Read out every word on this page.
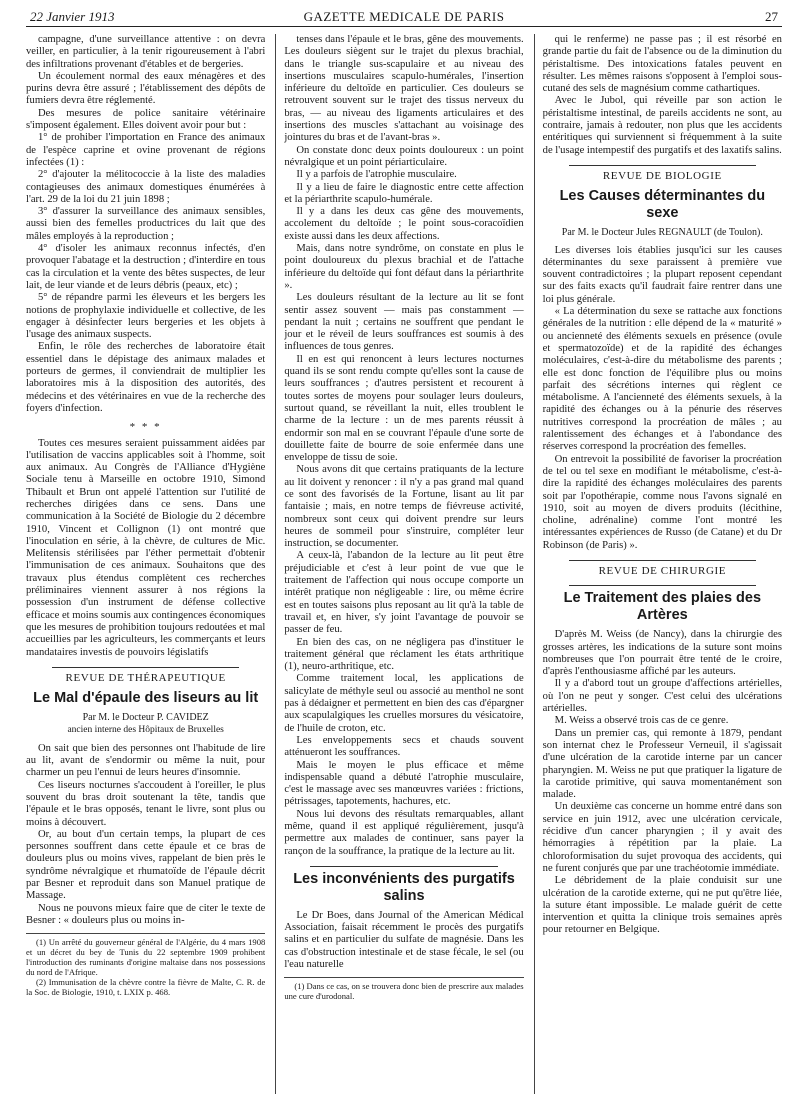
22 Janvier 1913	GAZETTE MEDICALE DE PARIS	27

campagne, d'une surveillance attentive : on devra veiller, en particulier, à la tenir rigoureusement à l'abri des infiltrations provenant d'étables et de bergeries.

Un écoulement normal des eaux ménagères et des purins devra être assuré ; l'établissement des dépôts de fumiers devra être réglementé.

Des mesures de police sanitaire vétérinaire s'imposent également. Elles doivent avoir pour but :

1° de prohiber l'importation en France des animaux de l'espèce caprine et ovine provenant de régions infectées (1) :

2° d'ajouter la mélitococcie à la liste des maladies contagieuses des animaux domestiques énumérées à l'art. 29 de la loi du 21 juin 1898 ;

3° d'assurer la surveillance des animaux sensibles, aussi bien des femelles productrices du lait que des mâles employés à la reproduction ;

4° d'isoler les animaux reconnus infectés, d'en provoquer l'abatage et la destruction ; d'interdire en tous cas la circulation et la vente des bêtes suspectes, de leur lait, de leur viande et de leurs débris (peaux, etc) ;

5° de répandre parmi les éleveurs et les bergers les notions de prophylaxie individuelle et collective, de les engager à désinfecter leurs bergeries et les objets à l'usage des animaux suspects.

Enfin, le rôle des recherches de laboratoire était essentiel dans le dépistage des animaux malades et porteurs de germes, il conviendrait de multiplier les laboratoires mis à la disposition des autorités, des médecins et des vétérinaires en vue de la recherche des foyers d'infection.

* * *

Toutes ces mesures seraient puissamment aidées par l'utilisation de vaccins applicables soit à l'homme, soit aux animaux. Au Congrès de l'Alliance d'Hygiène Sociale tenu à Marseille en octobre 1910, Simond Thibault et Brun ont appelé l'attention sur l'utilité de recherches dirigées dans ce sens. Dans une communication à la Société de Biologie du 2 décembre 1910, Vincent et Collignon (1) ont montré que l'inoculation en série, à la chèvre, de cultures de Mic. Melitensis stérilisées par l'éther permettait d'obtenir l'immunisation de ces animaux. Souhaitons que des travaux plus étendus complètent ces recherches préliminaires viennent assurer à nos régions la possession d'un instrument de défense collective efficace et moins soumis aux contingences économiques que les mesures de prohibition toujours redoutées et mal accueillies par les agriculteurs, les commerçants et leurs mandataires investis de pouvoirs législatifs

REVUE DE THÉRAPEUTIQUE
Le Mal d'épaule des liseurs au lit
Par M. le Docteur P. CAVIDEZ
ancien interne des Hôpitaux de Bruxelles

On sait que bien des personnes ont l'habitude de lire au lit, avant de s'endormir ou même la nuit, pour charmer un peu l'ennui de leurs heures d'insomnie.

Ces liseurs nocturnes s'accoudent à l'oreiller, le plus souvent du bras droit soutenant la tête, tandis que l'épaule et le bras opposés, tenant le livre, sont plus ou moins à découvert.

Or, au bout d'un certain temps, la plupart de ces personnes souffrent dans cette épaule et ce bras de douleurs plus ou moins vives, rappelant de bien près le syndrôme névralgique et rhumatoïde de l'épaule décrit par Besner et reproduit dans son Manuel pratique de Massage.

Nous ne pouvons mieux faire que de citer le texte de Besner : « douleurs plus ou moins in-

(1) Un arrêté du gouverneur général de l'Algérie, du 4 mars 1908 et un décret du bey de Tunis du 22 septembre 1909 prohibent l'introduction des ruminants d'origine maltaise dans nos possessions du nord de l'Afrique.

(2) Immunisation de la chèvre contre la fièvre de Malte, C. R. de la Soc. de Biologie, 1910, t. LXIX p. 468.

tenses dans l'épaule et le bras, gêne des mouvements. Les douleurs siègent sur le trajet du plexus brachial, dans le triangle sus-scapulaire et au niveau des insertions musculaires scapulo-humérales, l'insertion inférieure du deltoïde en particulier. Ces douleurs se retrouvent souvent sur le trajet des tissus nerveux du bras, — au niveau des ligaments articulaires et des insertions des muscles s'attachant au voisinage des jointures du bras et de l'avant-bras ».

On constate donc deux points douloureux : un point névralgique et un point périarticulaire.

Il y a parfois de l'atrophie musculaire.

Il y a lieu de faire le diagnostic entre cette affection et la périarthrite scapulo-humérale.

Il y a dans les deux cas gêne des mouvements, accolement du deltoïde ; le point sous-coracoïdien existe aussi dans les deux affections.

Mais, dans notre syndrôme, on constate en plus le point douloureux du plexus brachial et de l'attache inférieure du deltoïde qui font défaut dans la périarthrite ».

Les douleurs résultant de la lecture au lit se font sentir assez souvent — mais pas constamment — pendant la nuit ; certains ne souffrent que pendant le jour et le réveil de leurs souffrances est soumis à des influences de tous genres.

Il en est qui renoncent à leurs lectures nocturnes quand ils se sont rendu compte qu'elles sont la cause de leurs souffrances ; d'autres persistent et recourent à toutes sortes de moyens pour soulager leurs douleurs, surtout quand, se réveillant la nuit, elles troublent le charme de la lecture : un de mes parents réussit à endormir son mal en se couvrant l'épaule d'une sorte de douillette faite de bourre de soie enfermée dans une enveloppe de tissu de soie.

Nous avons dit que certains pratiquants de la lecture au lit doivent y renoncer : il n'y a pas grand mal quand ce sont des favorisés de la Fortune, lisant au lit par fantaisie ; mais, en notre temps de fiévreuse activité, nombreux sont ceux qui doivent prendre sur leurs heures de sommeil pour s'instruire, compléter leur instruction, se documenter.

A ceux-là, l'abandon de la lecture au lit peut être préjudiciable et c'est à leur point de vue que le traitement de l'affection qui nous occupe comporte un intérêt pratique non négligeable : lire, ou même écrire est en toutes saisons plus reposant au lit qu'à la table de travail et, en hiver, s'y joint l'avantage de pouvoir se passer de feu.

En bien des cas, on ne négligera pas d'instituer le traitement général que réclament les états arthritique (1), neuro-arthritique, etc.

Comme traitement local, les applications de salicylate de méthyle seul ou associé au menthol ne sont pas à dédaigner et permettent en bien des cas d'épargner aux scapulalgiques les cruelles morsures du vésicatoire, de l'huile de croton, etc.

Les enveloppements secs et chauds souvent atténueront les souffrances.

Mais le moyen le plus efficace et même indispensable quand a débuté l'atrophie musculaire, c'est le massage avec ses manœuvres variées : frictions, pétrissages, tapotements, hachures, etc.

Nous lui devons des résultats remarquables, allant même, quand il est appliqué régulièrement, jusqu'à permettre aux malades de continuer, sans payer la rançon de la souffrance, la pratique de la lecture au lit.

Les inconvénients des purgatifs salins

Le Dr Boes, dans Journal of the American Médical Association, faisait récemment le procès des purgatifs salins et en particulier du sulfate de magnésie. Dans les cas d'obstruction intestinale et de stase fécale, le sel (ou l'eau naturelle

(1) Dans ce cas, on se trouvera donc bien de prescrire aux malades une cure d'urodonal.

qui le renferme) ne passe pas ; il est résorbé en grande partie du fait de l'absence ou de la diminution du péristaltisme. Des intoxications fatales peuvent en résulter. Les mêmes raisons s'opposent à l'emploi sous-cutané des sels de magnésium comme cathartiques.

Avec le Jubol, qui réveille par son action le péristaltisme intestinal, de pareils accidents ne sont, au contraire, jamais à redouter, non plus que les accidents entéritiques qui surviennent si fréquemment à la suite de l'usage intempestif des purgatifs et des laxatifs salins.

REVUE DE BIOLOGIE
Les Causes déterminantes du sexe
Par M. le Docteur Jules REGNAULT (de Toulon).

Les diverses lois établies jusqu'ici sur les causes déterminantes du sexe paraissent à première vue souvent contradictoires ; la plupart reposent cependant sur des faits exacts qu'il faudrait faire rentrer dans une loi plus générale.

« La détermination du sexe se rattache aux fonctions générales de la nutrition : elle dépend de la « maturité » ou ancienneté des éléments sexuels en présence (ovule et spermatozoïde) et de la rapidité des échanges moléculaires, c'est-à-dire du métabolisme des parents ; elle est donc fonction de l'équilibre plus ou moins parfait des sécrétions internes qui règlent ce métabolisme. A l'ancienneté des éléments sexuels, à la rapidité des échanges ou à la pénurie des réserves nutritives correspond la procréation de mâles ; au ralentissement des échanges et à l'abondance des réserves correspond la procréation des femelles.

On entrevoit la possibilité de favoriser la procréation de tel ou tel sexe en modifiant le métabolisme, c'est-à-dire la rapidité des échanges moléculaires des parents soit par l'opothérapie, comme nous l'avons signalé en 1910, soit au moyen de divers produits (lécithine, choline, adrénaline) comme l'ont montré les intéressantes expériences de Russo (de Catane) et du Dr Robinson (de Paris) ».

REVUE DE CHIRURGIE
Le Traitement des plaies des Artères

D'après M. Weiss (de Nancy), dans la chirurgie des grosses artères, les indications de la suture sont moins nombreuses que l'on pourrait être tenté de le croire, d'après l'enthousiasme affiché par les auteurs.

Il y a d'abord tout un groupe d'affections artérielles, où l'on ne peut y songer. C'est celui des ulcérations artérielles.

M. Weiss a observé trois cas de ce genre.

Dans un premier cas, qui remonte à 1879, pendant son internat chez le Professeur Verneuil, il s'agissait d'une ulcération de la carotide interne par un cancer pharyngien. M. Weiss ne put que pratiquer la ligature de la carotide primitive, qui sauva momentanément son malade.

Un deuxième cas concerne un homme entré dans son service en juin 1912, avec une ulcération cervicale, récidive d'un cancer pharyngien ; il y avait des hémorragies à répétition par la plaie. La chloroformisation du sujet provoqua des accidents, qui ne furent conjurés que par une trachéotomie immédiate.

Le débridement de la plaie conduisit sur une ulcération de la carotide externe, qui ne put qu'être liée, la suture étant impossible. Le malade guérit de cette intervention et quitta la clinique trois semaines après pour retourner en Belgique.
